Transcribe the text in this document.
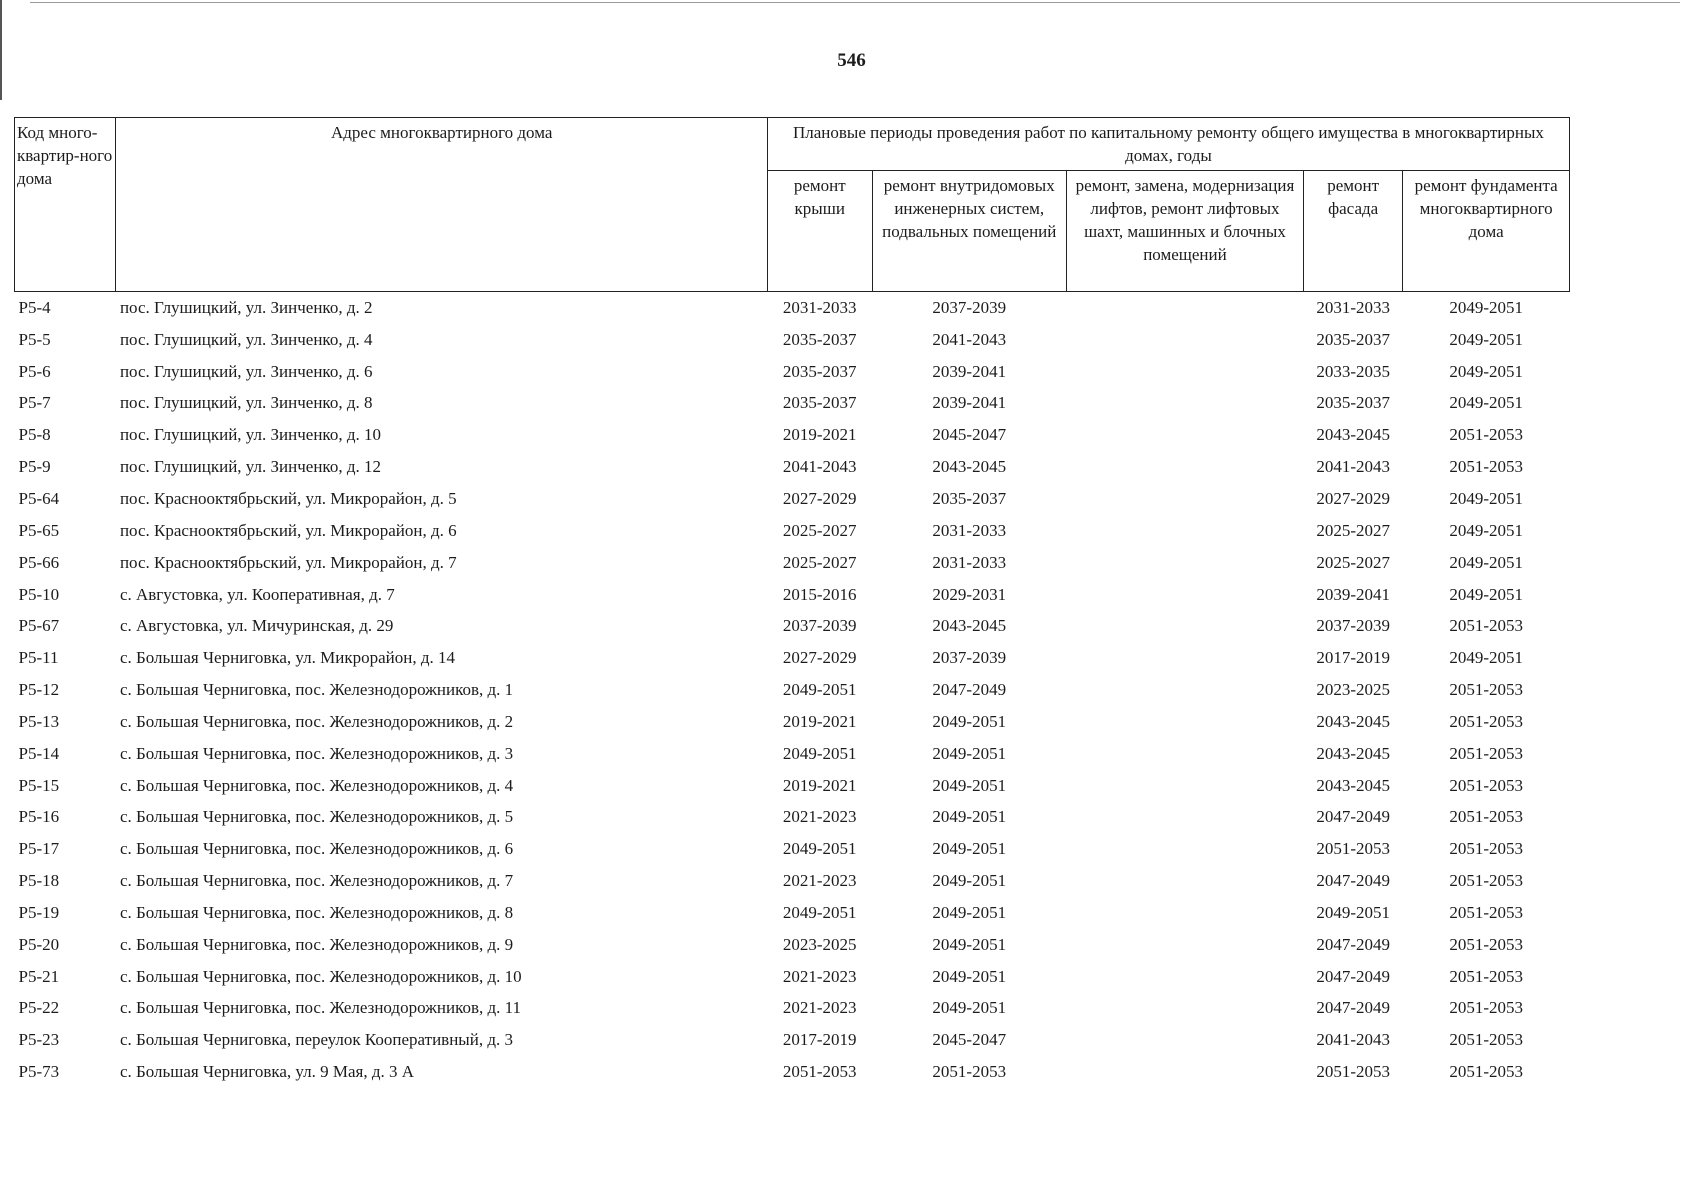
546
Код много-квартир-ного дома	Адрес многоквартирного дома	Плановые периоды проведения работ по капитальному ремонту общего имущества в многоквартирных домах, годы				
		ремонт крыши	ремонт внутридомовых инженерных систем, подвальных помещений	ремонт, замена, модернизация лифтов, ремонт лифтовых шахт, машинных и блочных помещений	ремонт фасада	ремонт фундамента многоквартирного дома
Р5-4	пос. Глушицкий, ул. Зинченко, д. 2	2031-2033	2037-2039		2031-2033	2049-2051
Р5-5	пос. Глушицкий, ул. Зинченко, д. 4	2035-2037	2041-2043		2035-2037	2049-2051
Р5-6	пос. Глушицкий, ул. Зинченко, д. 6	2035-2037	2039-2041		2033-2035	2049-2051
Р5-7	пос. Глушицкий, ул. Зинченко, д. 8	2035-2037	2039-2041		2035-2037	2049-2051
Р5-8	пос. Глушицкий, ул. Зинченко, д. 10	2019-2021	2045-2047		2043-2045	2051-2053
Р5-9	пос. Глушицкий, ул. Зинченко, д. 12	2041-2043	2043-2045		2041-2043	2051-2053
Р5-64	пос. Краснооктябрьский, ул. Микрорайон, д. 5	2027-2029	2035-2037		2027-2029	2049-2051
Р5-65	пос. Краснооктябрьский, ул. Микрорайон, д. 6	2025-2027	2031-2033		2025-2027	2049-2051
Р5-66	пос. Краснооктябрьский, ул. Микрорайон, д. 7	2025-2027	2031-2033		2025-2027	2049-2051
Р5-10	с. Августовка, ул. Кооперативная, д. 7	2015-2016	2029-2031		2039-2041	2049-2051
Р5-67	с. Августовка, ул. Мичуринская, д. 29	2037-2039	2043-2045		2037-2039	2051-2053
Р5-11	с. Большая Черниговка, ул. Микрорайон, д. 14	2027-2029	2037-2039		2017-2019	2049-2051
Р5-12	с. Большая Черниговка, пос. Железнодорожников, д. 1	2049-2051	2047-2049		2023-2025	2051-2053
Р5-13	с. Большая Черниговка, пос. Железнодорожников, д. 2	2019-2021	2049-2051		2043-2045	2051-2053
Р5-14	с. Большая Черниговка, пос. Железнодорожников, д. 3	2049-2051	2049-2051		2043-2045	2051-2053
Р5-15	с. Большая Черниговка, пос. Железнодорожников, д. 4	2019-2021	2049-2051		2043-2045	2051-2053
Р5-16	с. Большая Черниговка, пос. Железнодорожников, д. 5	2021-2023	2049-2051		2047-2049	2051-2053
Р5-17	с. Большая Черниговка, пос. Железнодорожников, д. 6	2049-2051	2049-2051		2051-2053	2051-2053
Р5-18	с. Большая Черниговка, пос. Железнодорожников, д. 7	2021-2023	2049-2051		2047-2049	2051-2053
Р5-19	с. Большая Черниговка, пос. Железнодорожников, д. 8	2049-2051	2049-2051		2049-2051	2051-2053
Р5-20	с. Большая Черниговка, пос. Железнодорожников, д. 9	2023-2025	2049-2051		2047-2049	2051-2053
Р5-21	с. Большая Черниговка, пос. Железнодорожников, д. 10	2021-2023	2049-2051		2047-2049	2051-2053
Р5-22	с. Большая Черниговка, пос. Железнодорожников, д. 11	2021-2023	2049-2051		2047-2049	2051-2053
Р5-23	с. Большая Черниговка, переулок Кооперативный, д. 3	2017-2019	2045-2047		2041-2043	2051-2053
Р5-73	с. Большая Черниговка, ул. 9 Мая, д. 3 А	2051-2053	2051-2053		2051-2053	2051-2053
